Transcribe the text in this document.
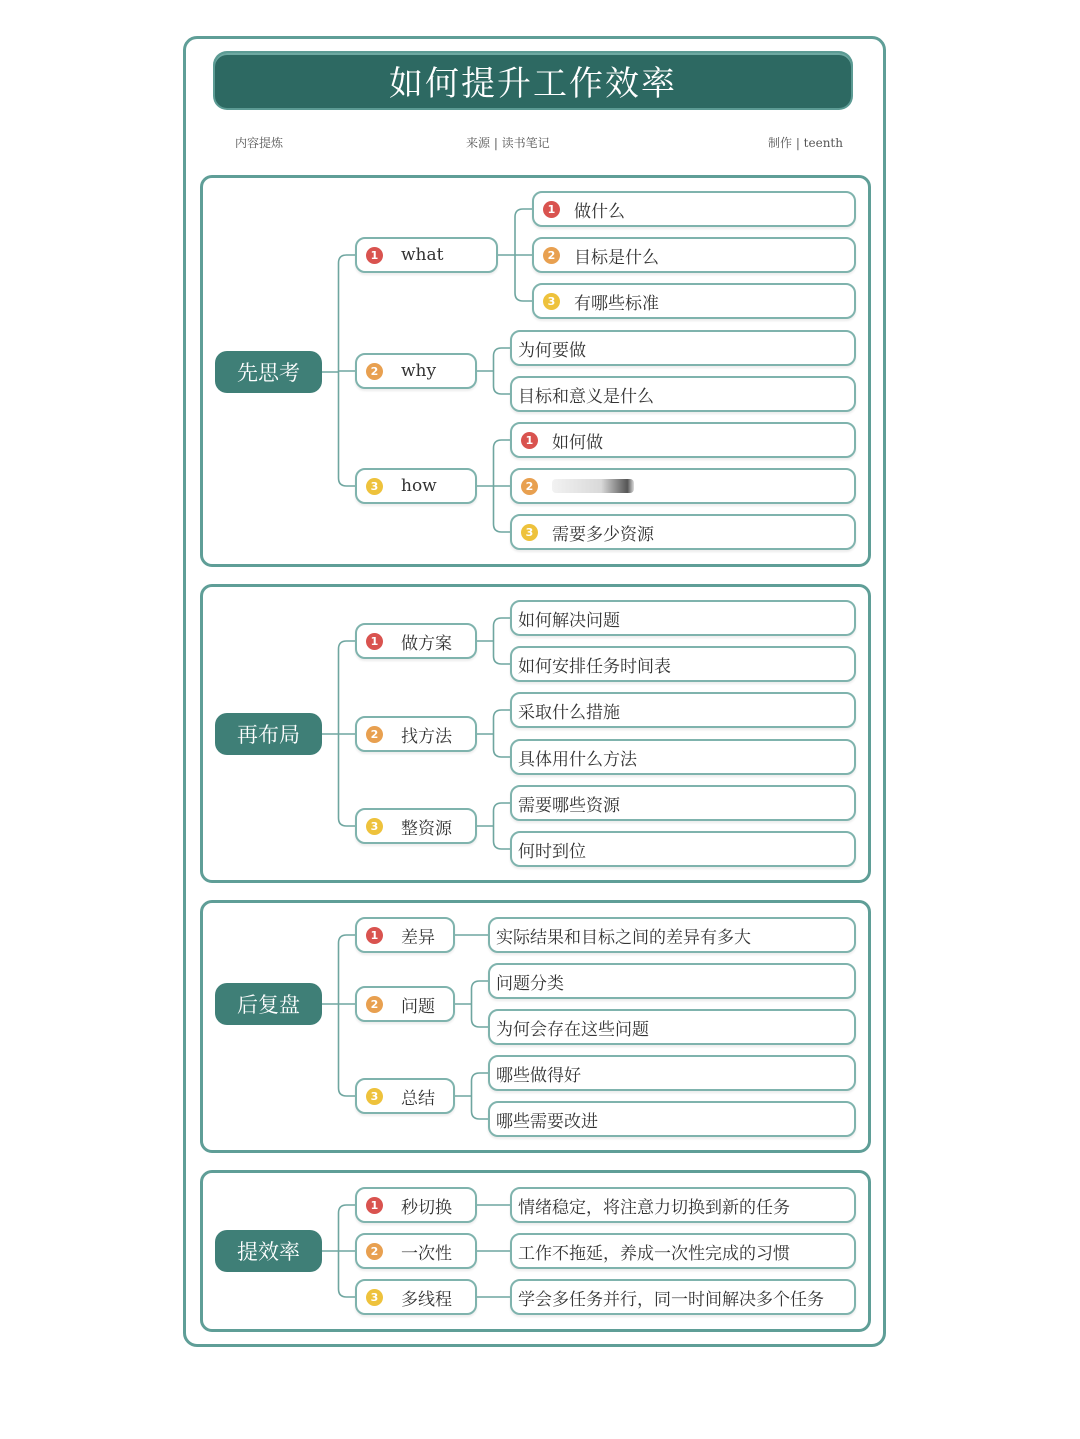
如何提升工作效率
内容提炼	来源 | 读书笔记	制作 | teenth
先思考
1 what
1 做什么
2 目标是什么
3 有哪些标准
2 why
为何要做
目标和意义是什么
3 how
1 如何做
2
3 需要多少资源
再布局
1 做方案
如何解决问题
如何安排任务时间表
2 找方法
采取什么措施
具体用什么方法
3 整资源
需要哪些资源
何时到位
后复盘
1 差异	实际结果和目标之间的差异有多大
2 问题
问题分类
为何会存在这些问题
3 总结
哪些做得好
哪些需要改进
提效率
1 秒切换	情绪稳定，将注意力切换到新的任务
2 一次性	工作不拖延，养成一次性完成的习惯
3 多线程	学会多任务并行，同一时间解决多个任务
